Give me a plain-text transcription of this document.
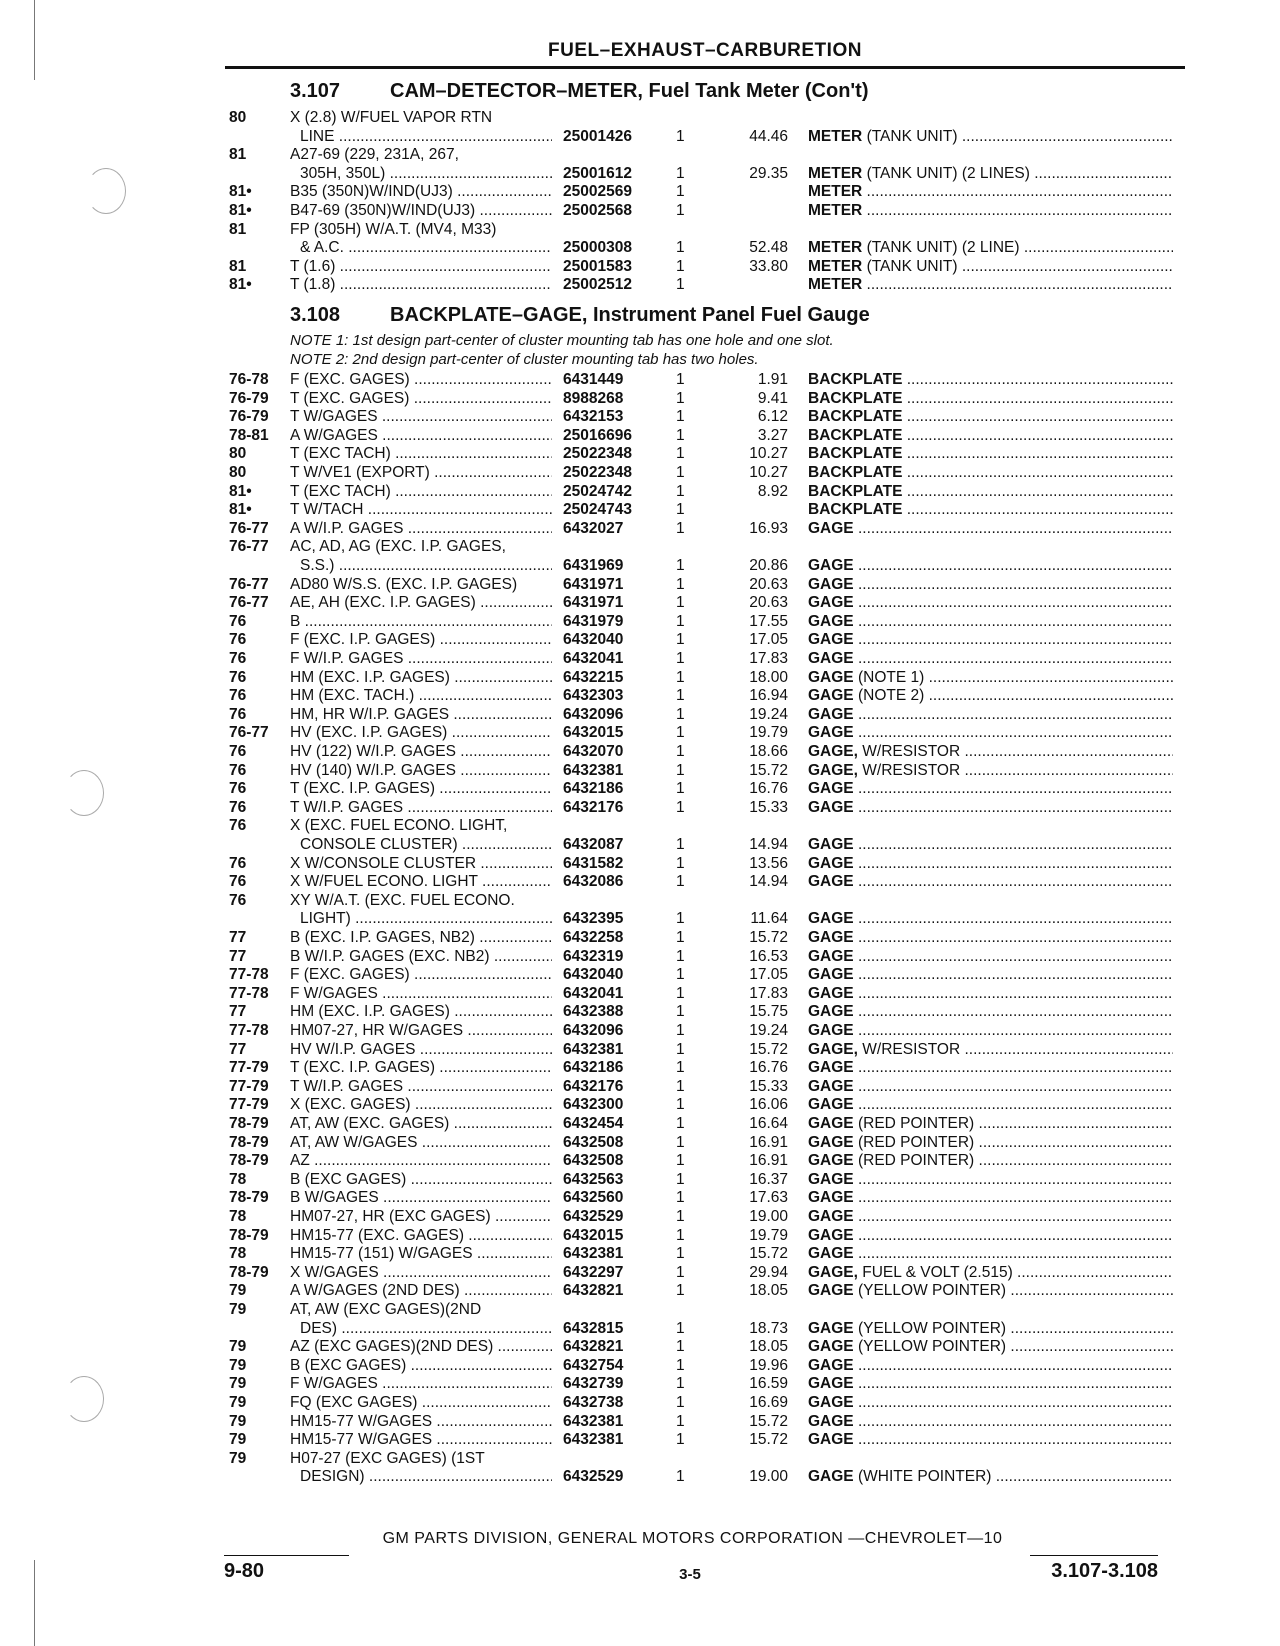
FUEL–EXHAUST–CARBURETION
3.107 CAM–DETECTOR–METER, Fuel Tank Meter (Con't)
80	X (2.8) W/FUEL VAPOR RTN
LINE .....	25001426	1	44.46 METER (TANK UNIT) .....
81	A27-69 (229, 231A, 267,
305H, 350L) .....	25001612	1	29.35 METER (TANK UNIT) (2 LINES) .....
81• B35 (350N)W/IND(UJ3) .....	25002569	1	METER .....
81• B47-69 (350N)W/IND(UJ3) .....	25002568	1	METER .....
81	FP (305H) W/A.T. (MV4, M33)
& A.C. .....	25000308	1	52.48 METER (TANK UNIT) (2 LINE) .....
81	T (1.6) .....	25001583	1	33.80 METER (TANK UNIT) .....
81• T (1.8) .....	25002512	1	METER .....
3.108 BACKPLATE–GAGE, Instrument Panel Fuel Gauge
NOTE 1: 1st design part-center of cluster mounting tab has one hole and one slot.
NOTE 2: 2nd design part-center of cluster mounting tab has two holes.
76-78 F (EXC. GAGES) .....	6431449	1	1.91 BACKPLATE .....
76-79 T (EXC. GAGES) .....	8988268	1	9.41 BACKPLATE .....
76-79 T W/GAGES .....	6432153	1	6.12 BACKPLATE .....
78-81 A W/GAGES .....	25016696	1	3.27 BACKPLATE .....
80	T (EXC TACH) .....	25022348	1	10.27 BACKPLATE .....
80	T W/VE1 (EXPORT) .....	25022348	1	10.27 BACKPLATE .....
81• T (EXC TACH) .....	25024742	1	8.92 BACKPLATE .....
81• T W/TACH .....	25024743	1	BACKPLATE .....
76-77 A W/I.P. GAGES .....	6432027	1	16.93 GAGE .....
76-77 AC, AD, AG (EXC. I.P. GAGES,
S.S.) .....	6431969	1	20.86 GAGE .....
76-77 AD80 W/S.S. (EXC. I.P. GAGES)	6431971	1	20.63 GAGE .....
76-77 AE, AH (EXC. I.P. GAGES) .....	6431971	1	20.63 GAGE .....
76	B .....	6431979	1	17.55 GAGE .....
76	F (EXC. I.P. GAGES) .....	6432040	1	17.05 GAGE .....
76	F W/I.P. GAGES .....	6432041	1	17.83 GAGE .....
76	HM (EXC. I.P. GAGES) .....	6432215	1	18.00 GAGE (NOTE 1) .....
76	HM (EXC. TACH.) .....	6432303	1	16.94 GAGE (NOTE 2) .....
76	HM, HR W/I.P. GAGES .....	6432096	1	19.24 GAGE .....
76-77 HV (EXC. I.P. GAGES) .....	6432015	1	19.79 GAGE .....
76	HV (122) W/I.P. GAGES .....	6432070	1	18.66 GAGE, W/RESISTOR .....
76	HV (140) W/I.P. GAGES .....	6432381	1	15.72 GAGE, W/RESISTOR .....
76	T (EXC. I.P. GAGES) .....	6432186	1	16.76 GAGE .....
76	T W/I.P. GAGES .....	6432176	1	15.33 GAGE .....
76	X (EXC. FUEL ECONO. LIGHT,
CONSOLE CLUSTER) .....	6432087	1	14.94 GAGE .....
76	X W/CONSOLE CLUSTER .....	6431582	1	13.56 GAGE .....
76	X W/FUEL ECONO. LIGHT .....	6432086	1	14.94 GAGE .....
76	XY W/A.T. (EXC. FUEL ECONO.
LIGHT) .....	6432395	1	11.64 GAGE .....
77	B (EXC. I.P. GAGES, NB2) .....	6432258	1	15.72 GAGE .....
77	B W/I.P. GAGES (EXC. NB2) .....	6432319	1	16.53 GAGE .....
77-78 F (EXC. GAGES) .....	6432040	1	17.05 GAGE .....
77-78 F W/GAGES .....	6432041	1	17.83 GAGE .....
77	HM (EXC. I.P. GAGES) .....	6432388	1	15.75 GAGE .....
77-78 HM07-27, HR W/GAGES .....	6432096	1	19.24 GAGE .....
77	HV W/I.P. GAGES .....	6432381	1	15.72 GAGE, W/RESISTOR .....
77-79 T (EXC. I.P. GAGES) .....	6432186	1	16.76 GAGE .....
77-79 T W/I.P. GAGES .....	6432176	1	15.33 GAGE .....
77-79 X (EXC. GAGES) .....	6432300	1	16.06 GAGE .....
78-79 AT, AW (EXC. GAGES) .....	6432454	1	16.64 GAGE (RED POINTER) .....
78-79 AT, AW W/GAGES .....	6432508	1	16.91 GAGE (RED POINTER) .....
78-79 AZ .....	6432508	1	16.91 GAGE (RED POINTER) .....
78	B (EXC GAGES) .....	6432563	1	16.37 GAGE .....
78-79 B W/GAGES .....	6432560	1	17.63 GAGE .....
78	HM07-27, HR (EXC GAGES) .....	6432529	1	19.00 GAGE .....
78-79 HM15-77 (EXC. GAGES) .....	6432015	1	19.79 GAGE .....
78	HM15-77 (151) W/GAGES .....	6432381	1	15.72 GAGE .....
78-79 X W/GAGES .....	6432297	1	29.94 GAGE, FUEL & VOLT (2.515) .....
79	A W/GAGES (2ND DES) .....	6432821	1	18.05 GAGE (YELLOW POINTER) .....
79	AT, AW (EXC GAGES)(2ND
DES) .....	6432815	1	18.73 GAGE (YELLOW POINTER) .....
79	AZ (EXC GAGES)(2ND DES) .....	6432821	1	18.05 GAGE (YELLOW POINTER) .....
79	B (EXC GAGES) .....	6432754	1	19.96 GAGE .....
79	F W/GAGES .....	6432739	1	16.59 GAGE .....
79	FQ (EXC GAGES) .....	6432738	1	16.69 GAGE .....
79	HM15-77 W/GAGES .....	6432381	1	15.72 GAGE .....
79	HM15-77 W/GAGES .....	6432381	1	15.72 GAGE .....
79	H07-27 (EXC GAGES) (1ST
DESIGN) .....	6432529	1	19.00 GAGE (WHITE POINTER) .....
GM PARTS DIVISION, GENERAL MOTORS CORPORATION —CHEVROLET—10
9-80	3-5	3.107-3.108
